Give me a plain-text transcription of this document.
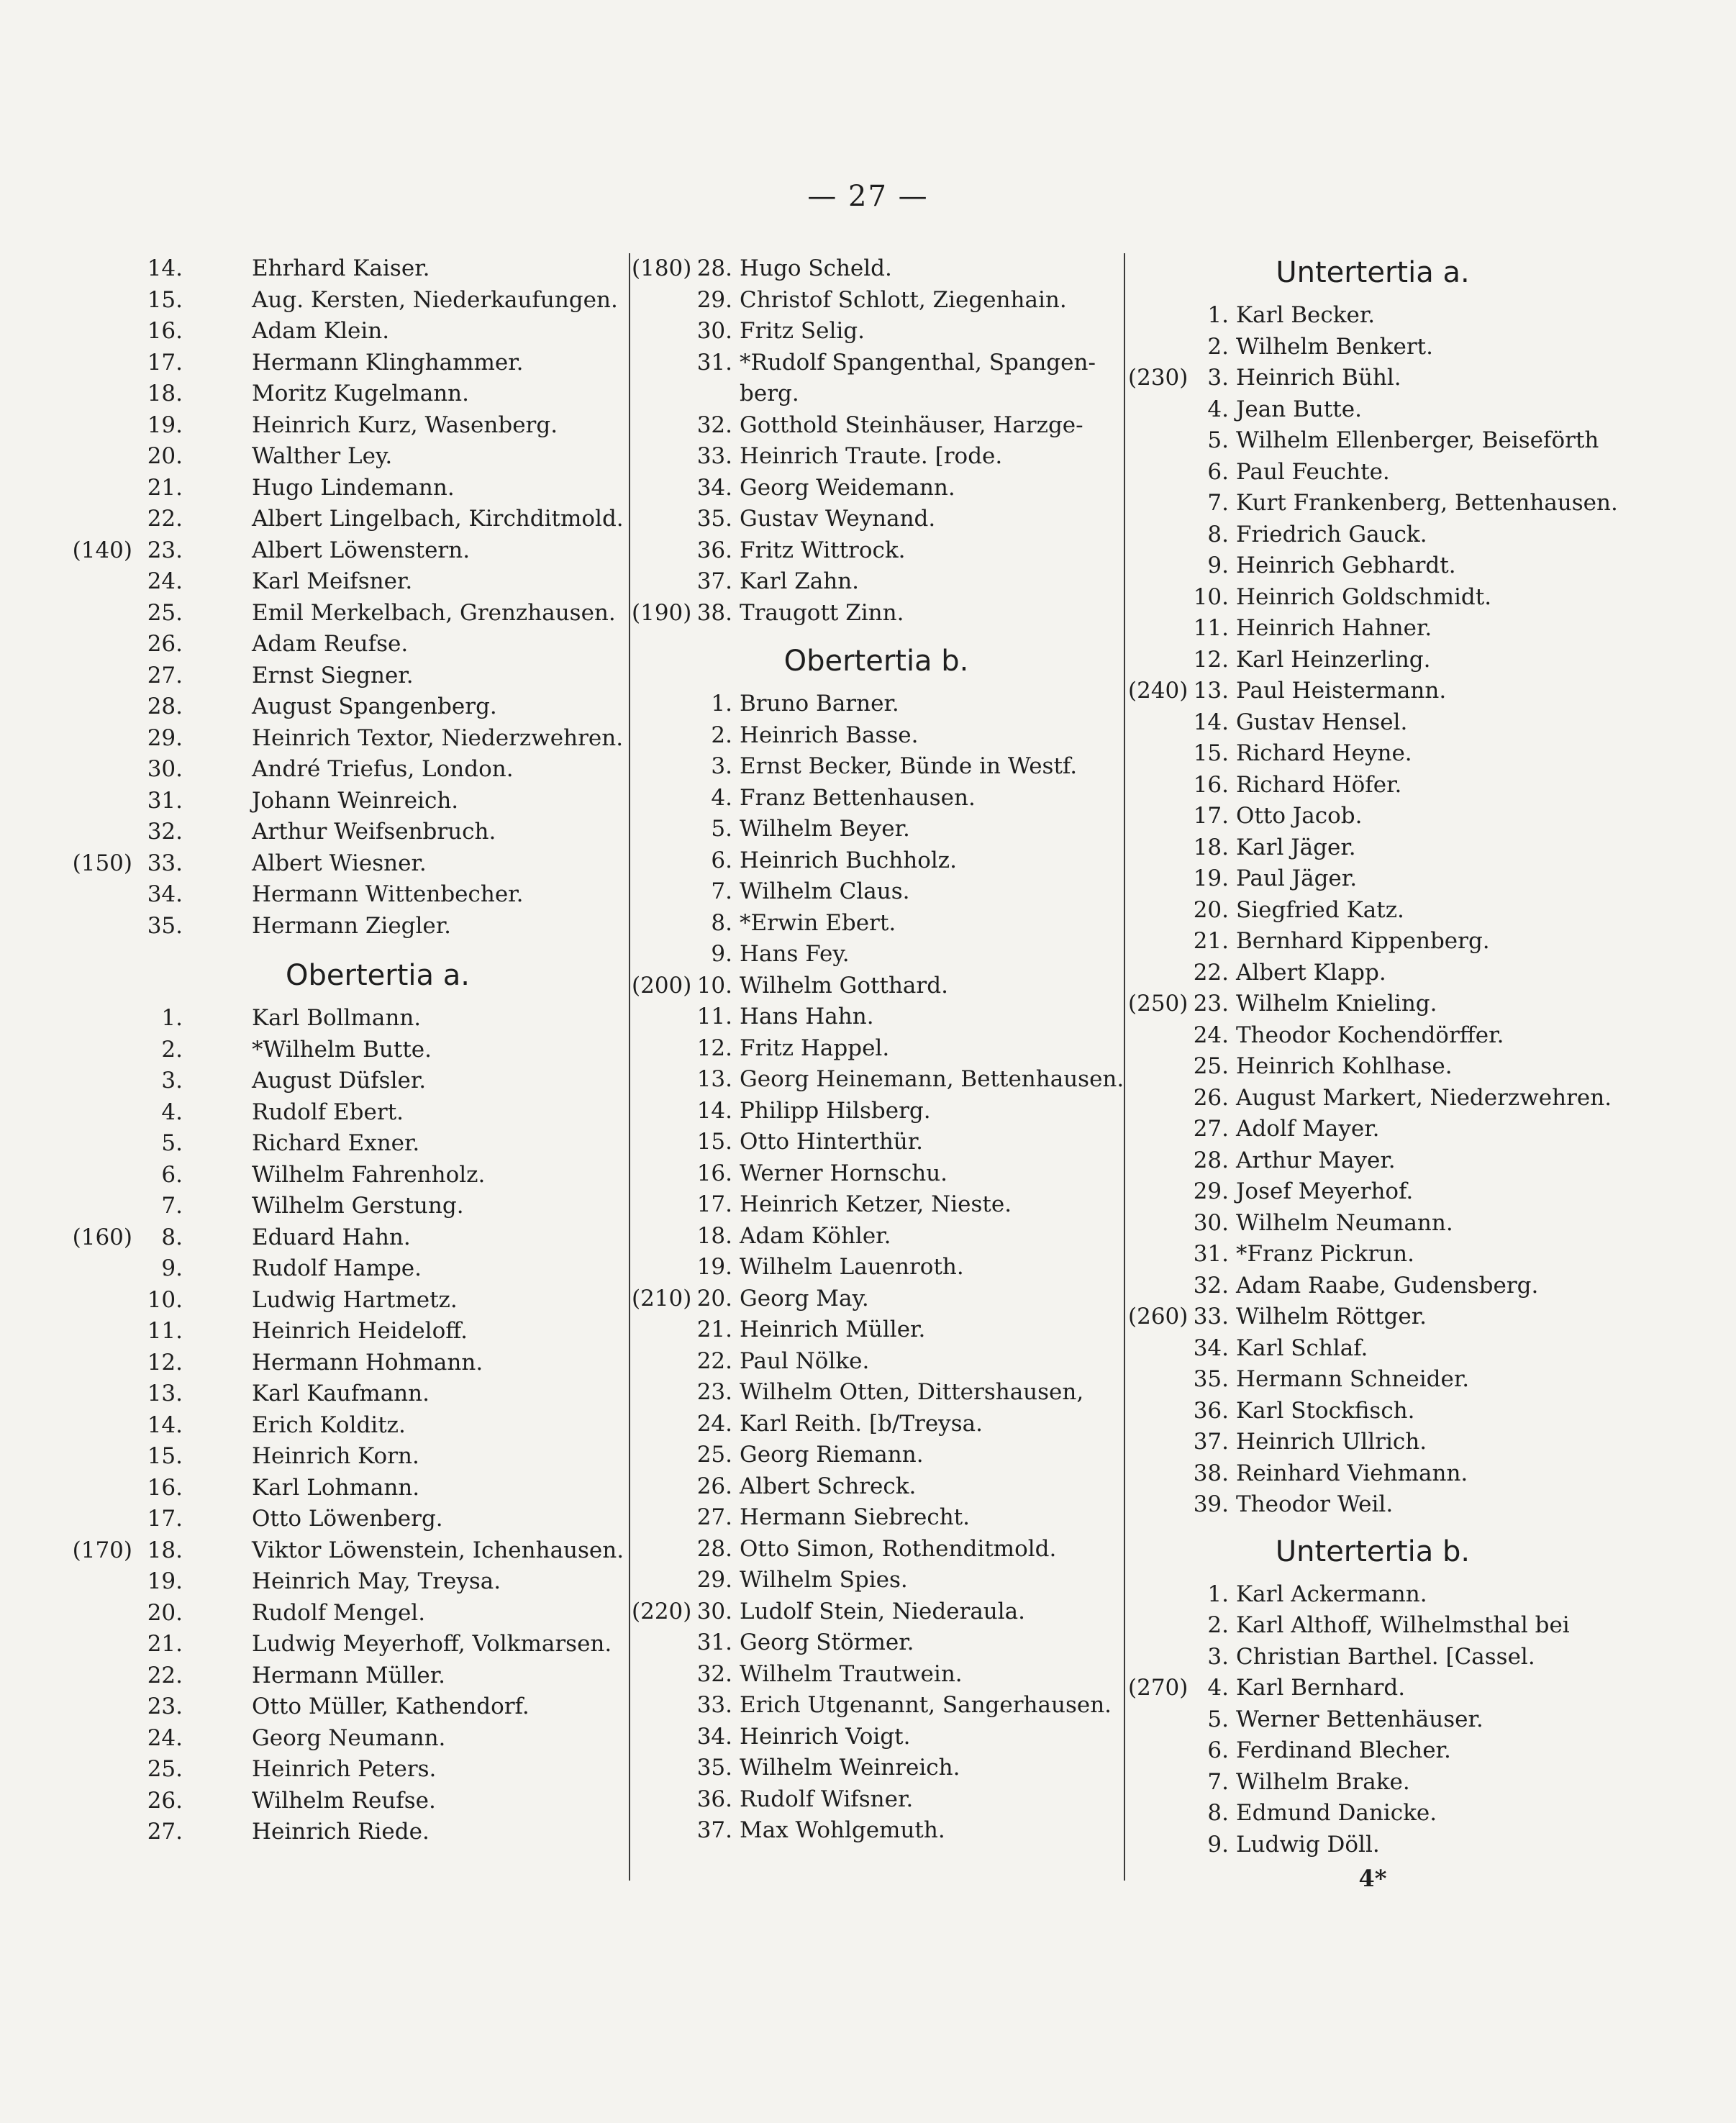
— 27 —
14.	Ehrhard Kaiser.
15.	Aug. Kersten, Niederkaufungen.
16.	Adam Klein.
17.	Hermann Klinghammer.
18.	Moritz Kugelmann.
19.	Heinrich Kurz, Wasenberg.
20.	Walther Ley.
21.	Hugo Lindemann.
22.	Albert Lingelbach, Kirchditmold.
(140) 23.	Albert Löwenstern.
24.	Karl Meifsner.
25.	Emil Merkelbach, Grenzhausen.
26.	Adam Reufse.
27.	Ernst Siegner.
28.	August Spangenberg.
29.	Heinrich Textor, Niederzwehren.
30.	André Triefus, London.
31.	Johann Weinreich.
32.	Arthur Weifsenbruch.
(150) 33.	Albert Wiesner.
34.	Hermann Wittenbecher.
35.	Hermann Ziegler.
Obertertia a.
1.	Karl Bollmann.
2.	*Wilhelm Butte.
3.	August Düfsler.
4.	Rudolf Ebert.
5.	Richard Exner.
6.	Wilhelm Fahrenholz.
7.	Wilhelm Gerstung.
(160)	8.	Eduard Hahn.
9.	Rudolf Hampe.
10.	Ludwig Hartmetz.
11.	Heinrich Heideloff.
12.	Hermann Hohmann.
13.	Karl Kaufmann.
14.	Erich Kolditz.
15.	Heinrich Korn.
16.	Karl Lohmann.
17.	Otto Löwenberg.
(170) 18.	Viktor Löwenstein, Ichenhausen.
19.	Heinrich May, Treysa.
20.	Rudolf Mengel.
21.	Ludwig Meyerhoff, Volkmarsen.
22.	Hermann Müller.
23.	Otto Müller, Kathendorf.
24.	Georg Neumann.
25.	Heinrich Peters.
26.	Wilhelm Reufse.
27.	Heinrich Riede.
(180) 28. Hugo Scheld.
29. Christof Schlott, Ziegenhain.
30. Fritz Selig.
31. *Rudolf Spangenthal, Spangen-
berg.
32. Gotthold Steinhäuser, Harzge-
33. Heinrich Traute. [rode.
34. Georg Weidemann.
35. Gustav Weynand.
36. Fritz Wittrock.
37. Karl Zahn.
(190) 38. Traugott Zinn.
Obertertia b.
1. Bruno Barner.
2. Heinrich Basse.
3. Ernst Becker, Bünde in Westf.
4. Franz Bettenhausen.
5. Wilhelm Beyer.
6. Heinrich Buchholz.
7. Wilhelm Claus.
8. *Erwin Ebert.
9. Hans Fey.
(200) 10. Wilhelm Gotthard.
11. Hans Hahn.
12. Fritz Happel.
13. Georg Heinemann, Bettenhausen.
14. Philipp Hilsberg.
15. Otto Hinterthür.
16. Werner Hornschu.
17. Heinrich Ketzer, Nieste.
18. Adam Köhler.
19. Wilhelm Lauenroth.
(210) 20. Georg May.
21. Heinrich Müller.
22. Paul Nölke.
23. Wilhelm Otten, Dittershausen,
24. Karl Reith. [b/Treysa.
25. Georg Riemann.
26. Albert Schreck.
27. Hermann Siebrecht.
28. Otto Simon, Rothenditmold.
29. Wilhelm Spies.
(220) 30. Ludolf Stein, Niederaula.
31. Georg Störmer.
32. Wilhelm Trautwein.
33. Erich Utgenannt, Sangerhausen.
34. Heinrich Voigt.
35. Wilhelm Weinreich.
36. Rudolf Wifsner.
37. Max Wohlgemuth.
Untertertia a.
1. Karl Becker.
2. Wilhelm Benkert.
(230) 3. Heinrich Bühl.
4. Jean Butte.
5. Wilhelm Ellenberger, Beiseförth
6. Paul Feuchte.
7. Kurt Frankenberg, Bettenhausen.
8. Friedrich Gauck.
9. Heinrich Gebhardt.
10. Heinrich Goldschmidt.
11. Heinrich Hahner.
12. Karl Heinzerling.
(240) 13. Paul Heistermann.
14. Gustav Hensel.
15. Richard Heyne.
16. Richard Höfer.
17. Otto Jacob.
18. Karl Jäger.
19. Paul Jäger.
20. Siegfried Katz.
21. Bernhard Kippenberg.
22. Albert Klapp.
(250) 23. Wilhelm Knieling.
24. Theodor Kochendörffer.
25. Heinrich Kohlhase.
26. August Markert, Niederzwehren.
27. Adolf Mayer.
28. Arthur Mayer.
29. Josef Meyerhof.
30. Wilhelm Neumann.
31. *Franz Pickrun.
32. Adam Raabe, Gudensberg.
(260) 33. Wilhelm Röttger.
34. Karl Schlaf.
35. Hermann Schneider.
36. Karl Stockfisch.
37. Heinrich Ullrich.
38. Reinhard Viehmann.
39. Theodor Weil.
Untertertia b.
1. Karl Ackermann.
2. Karl Althoff, Wilhelmsthal bei
3. Christian Barthel. [Cassel.
(270) 4. Karl Bernhard.
5. Werner Bettenhäuser.
6. Ferdinand Blecher.
7. Wilhelm Brake.
8. Edmund Danicke.
9. Ludwig Döll.
4*
